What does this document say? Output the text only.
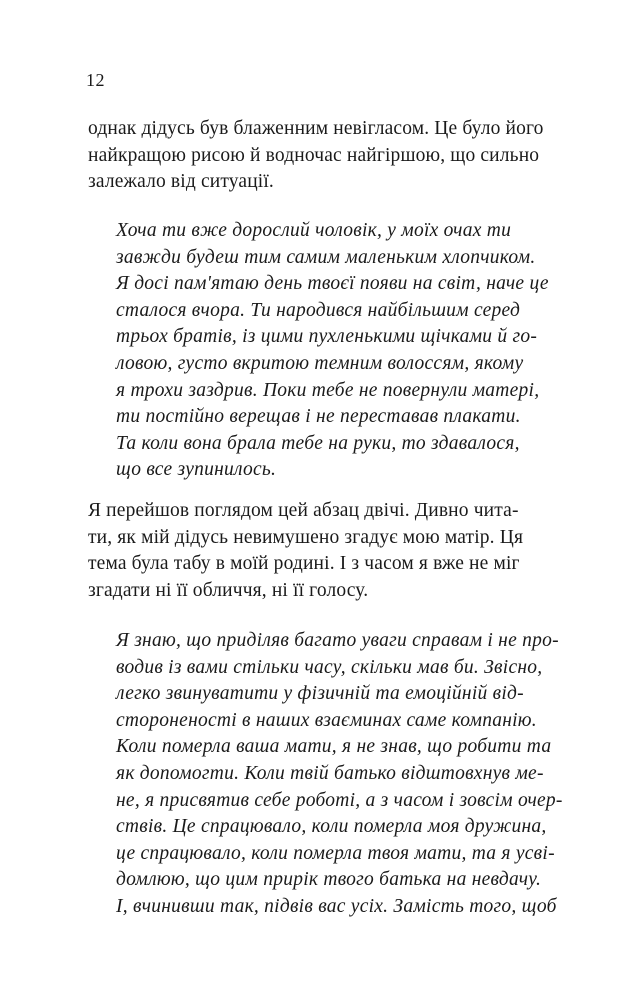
12
однак дідусь був блаженним невігласом. Це було його
найкращою рисою й водночас найгіршою, що сильно
залежало від ситуації.
Хоча ти вже дорослий чоловік, у моїх очах ти
завжди будеш тим самим маленьким хлопчиком.
Я досі пам'ятаю день твоєї появи на світ, наче це
сталося вчора. Ти народився найбільшим серед
трьох братів, із цими пухленькими щічками й го-
ловою, густо вкритою темним волоссям, якому
я трохи заздрив. Поки тебе не повернули матері,
ти постійно верещав і не переставав плакати.
Та коли вона брала тебе на руки, то здавалося,
що все зупинилось.
Я перейшов поглядом цей абзац двічі. Дивно чита-
ти, як мій дідусь невимушено згадує мою матір. Ця
тема була табу в моїй родині. І з часом я вже не міг
згадати ні її обличчя, ні її голосу.
Я знаю, що приділяв багато уваги справам і не про-
водив із вами стільки часу, скільки мав би. Звісно,
легко звинуватити у фізичній та емоційній від-
стороненості в наших взаєминах саме компанію.
Коли померла ваша мати, я не знав, що робити та
як допомогти. Коли твій батько відштовхнув ме-
не, я присвятив себе роботі, а з часом і зовсім очер-
ствів. Це спрацювало, коли померла моя дружина,
це спрацювало, коли померла твоя мати, та я усві-
домлюю, що цим прирік твого батька на невдачу.
І, вчинивши так, підвів вас усіх. Замість того, щоб
